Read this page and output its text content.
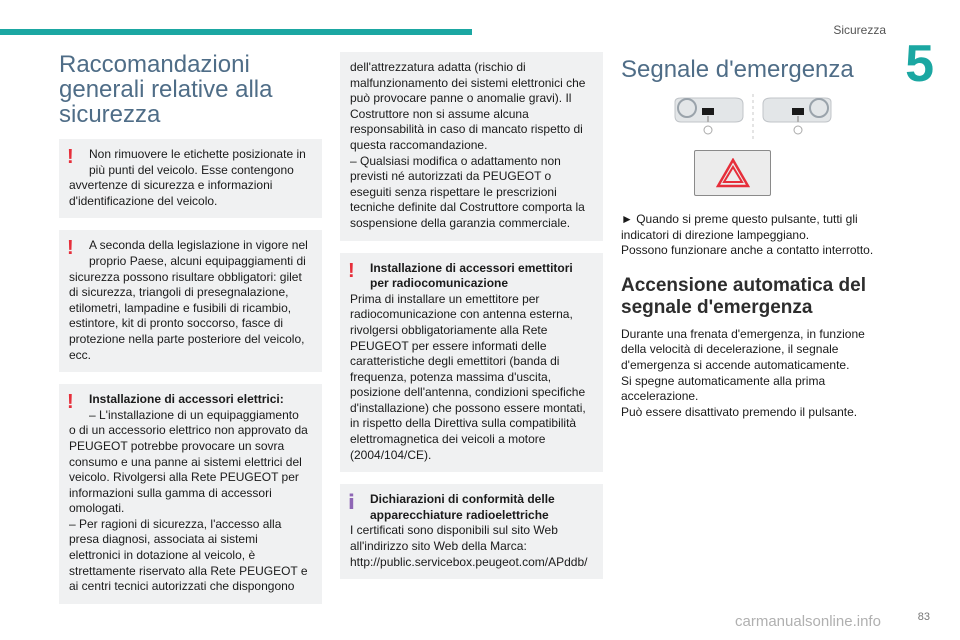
Sicurezza
5
Raccomandazioni generali relative alla sicurezza
!	Non rimuovere le etichette posizionate in più punti del veicolo. Esse contengono

avvertenze di sicurezza e informazioni d'identificazione del veicolo.

!	A seconda della legislazione in vigore nel proprio Paese, alcuni equipaggiamenti di

sicurezza possono risultare obbligatori: gilet di sicurezza, triangoli di presegnalazione, etilometri, lampadine e fusibili di ricambio, estintore, kit di pronto soccorso, fasce di protezione nella parte posteriore del veicolo, ecc.

!	Installazione di accessori elettrici:

– L'installazione di un equipaggiamento

o di un accessorio elettrico non approvato da PEUGEOT potrebbe provocare un sovra consumo e una panne ai sistemi elettrici del veicolo. Rivolgersi alla Rete PEUGEOT per informazioni sulla gamma di accessori omologati.
– Per ragioni di sicurezza, l'accesso alla presa diagnosi, associata ai sistemi elettronici in dotazione al veicolo, è strettamente riservato alla Rete PEUGEOT e ai centri tecnici autorizzati che dispongono

dell'attrezzatura adatta (rischio di malfunzionamento dei sistemi elettronici che può provocare panne o anomalie gravi). Il Costruttore non si assume alcuna responsabilità in caso di mancato rispetto di questa raccomandazione.
– Qualsiasi modifica o adattamento non previsti né autorizzati da PEUGEOT o eseguiti senza rispettare le prescrizioni tecniche definite dal Costruttore comporta la sospensione della garanzia commerciale.

!	Installazione di accessori emettitori per radiocomunicazione

Prima di installare un emettitore per radiocomunicazione con antenna esterna, rivolgersi obbligatoriamente alla Rete PEUGEOT per essere informati delle caratteristiche degli emettitori (banda di frequenza, potenza massima d'uscita, posizione dell'antenna, condizioni specifiche d'installazione) che possono essere montati, in rispetto della Direttiva sulla compatibilità elettromagnetica dei veicoli a motore (2004/104/CE).

i	Dichiarazioni di conformità delle apparecchiature radioelettriche

I certificati sono disponibili sul sito Web all'indirizzo sito Web della Marca: http://public.servicebox.peugeot.com/APddb/

Segnale d'emergenza

► Quando si preme questo pulsante, tutti gli indicatori di direzione lampeggiano.
Possono funzionare anche a contatto interrotto.

Accensione automatica del segnale d'emergenza

Durante una frenata d'emergenza, in funzione della velocità di decelerazione, il segnale d'emergenza si accende automaticamente.
Si spegne automaticamente alla prima accelerazione.
Può essere disattivato premendo il pulsante.

83
carmanualsonline.info
